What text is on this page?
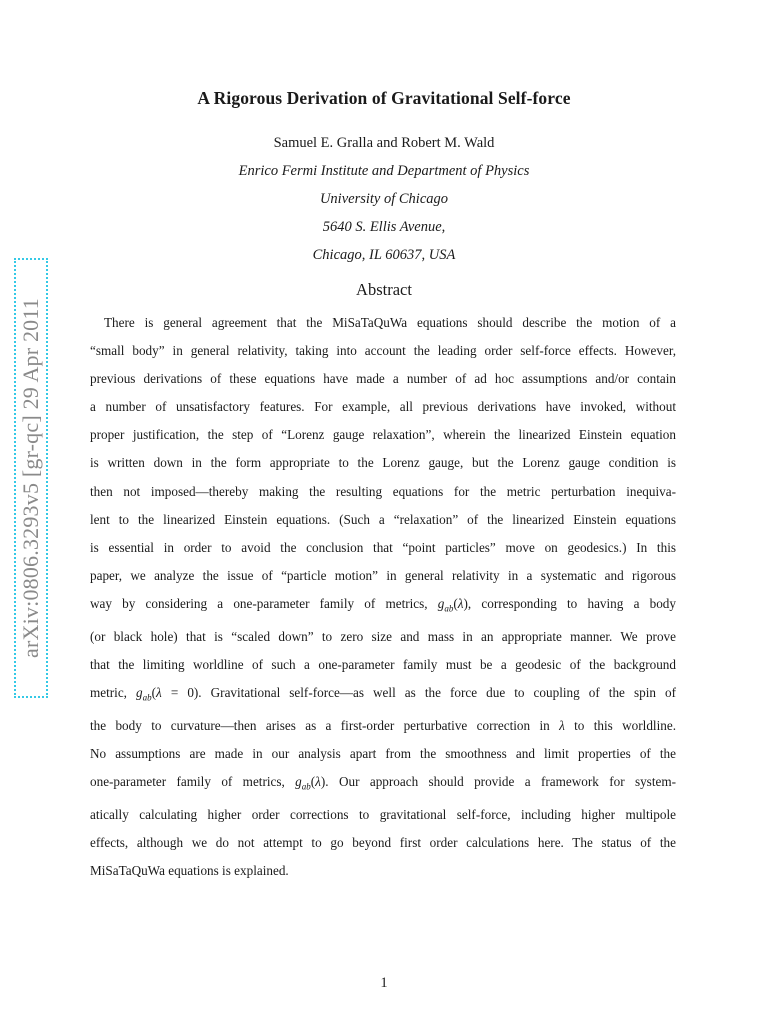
arXiv:0806.3293v5 [gr-qc] 29 Apr 2011
A Rigorous Derivation of Gravitational Self-force
Samuel E. Gralla and Robert M. Wald
Enrico Fermi Institute and Department of Physics
University of Chicago
5640 S. Ellis Avenue,
Chicago, IL 60637, USA
Abstract
There is general agreement that the MiSaTaQuWa equations should describe the motion of a
“small body” in general relativity, taking into account the leading order self-force effects. However,
previous derivations of these equations have made a number of ad hoc assumptions and/or contain
a number of unsatisfactory features. For example, all previous derivations have invoked, without
proper justification, the step of “Lorenz gauge relaxation”, wherein the linearized Einstein equation
is written down in the form appropriate to the Lorenz gauge, but the Lorenz gauge condition is
then not imposed—thereby making the resulting equations for the metric perturbation inequiva-
lent to the linearized Einstein equations. (Such a “relaxation” of the linearized Einstein equations
is essential in order to avoid the conclusion that “point particles” move on geodesics.) In this
paper, we analyze the issue of “particle motion” in general relativity in a systematic and rigorous
way by considering a one-parameter family of metrics, $g_{ab}(\lambda)$, corresponding to having a body
(or black hole) that is “scaled down” to zero size and mass in an appropriate manner. We prove
that the limiting worldline of such a one-parameter family must be a geodesic of the background
metric, $g_{ab}(\lambda = 0)$. Gravitational self-force—as well as the force due to coupling of the spin of
the body to curvature—then arises as a first-order perturbative correction in λ to this worldline.
No assumptions are made in our analysis apart from the smoothness and limit properties of the
one-parameter family of metrics, $g_{ab}(\lambda)$. Our approach should provide a framework for system-
atically calculating higher order corrections to gravitational self-force, including higher multipole
effects, although we do not attempt to go beyond first order calculations here. The status of the
MiSaTaQuWa equations is explained.
1
